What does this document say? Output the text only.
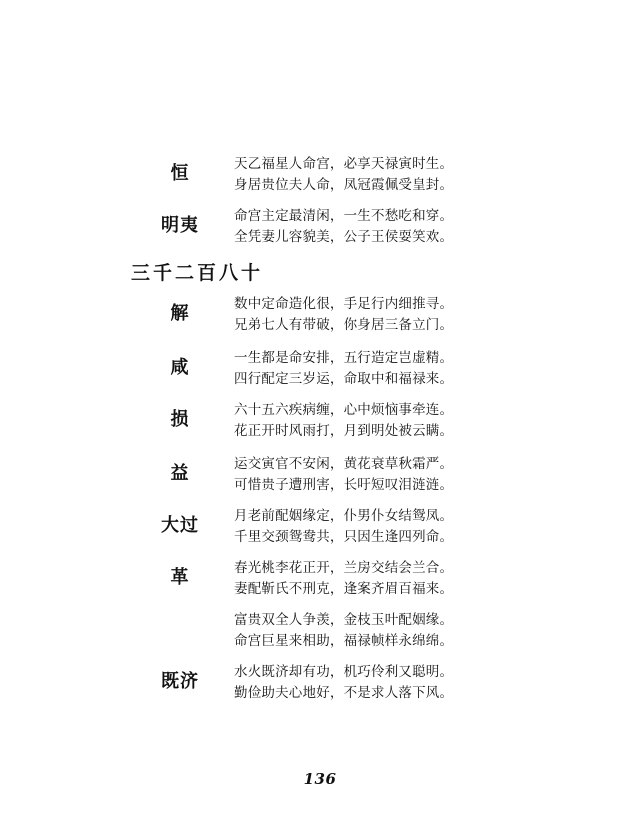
恒	天乙福星人命宫，必享天禄寅时生。
身居贵位夫人命，凤冠霞佩受皇封。
明夷	命宫主定最清闲，一生不愁吃和穿。
全凭妻儿容貌美，公子王侯耍笑欢。
三千二百八十
解	数中定命造化很，手足行内细推寻。
兄弟七人有带破，你身居三备立门。
咸	一生都是命安排，五行造定岂虚精。
四行配定三岁运，命取中和福禄来。
损	六十五六疾病缠，心中烦恼事牵连。
花正开时风雨打，月到明处被云瞒。
益	运交寅官不安闲，黄花衰草秋霜严。
可惜贵子遭刑害，长吁短叹泪涟涟。
大过	月老前配姻缘定，仆男仆女结鸳凤。
千里交颈鸳鸯共，只因生逢四列命。
革	春光桃李花正开，兰房交结会兰合。
妻配靳氏不刑克，逢案齐眉百福来。
富贵双全人争羡，金枝玉叶配姻缘。
命宫巨星来相助，福禄帧样永绵绵。
既济	水火既济却有功，机巧伶利又聪明。
勤俭助夫心地好，不是求人落下风。
136
